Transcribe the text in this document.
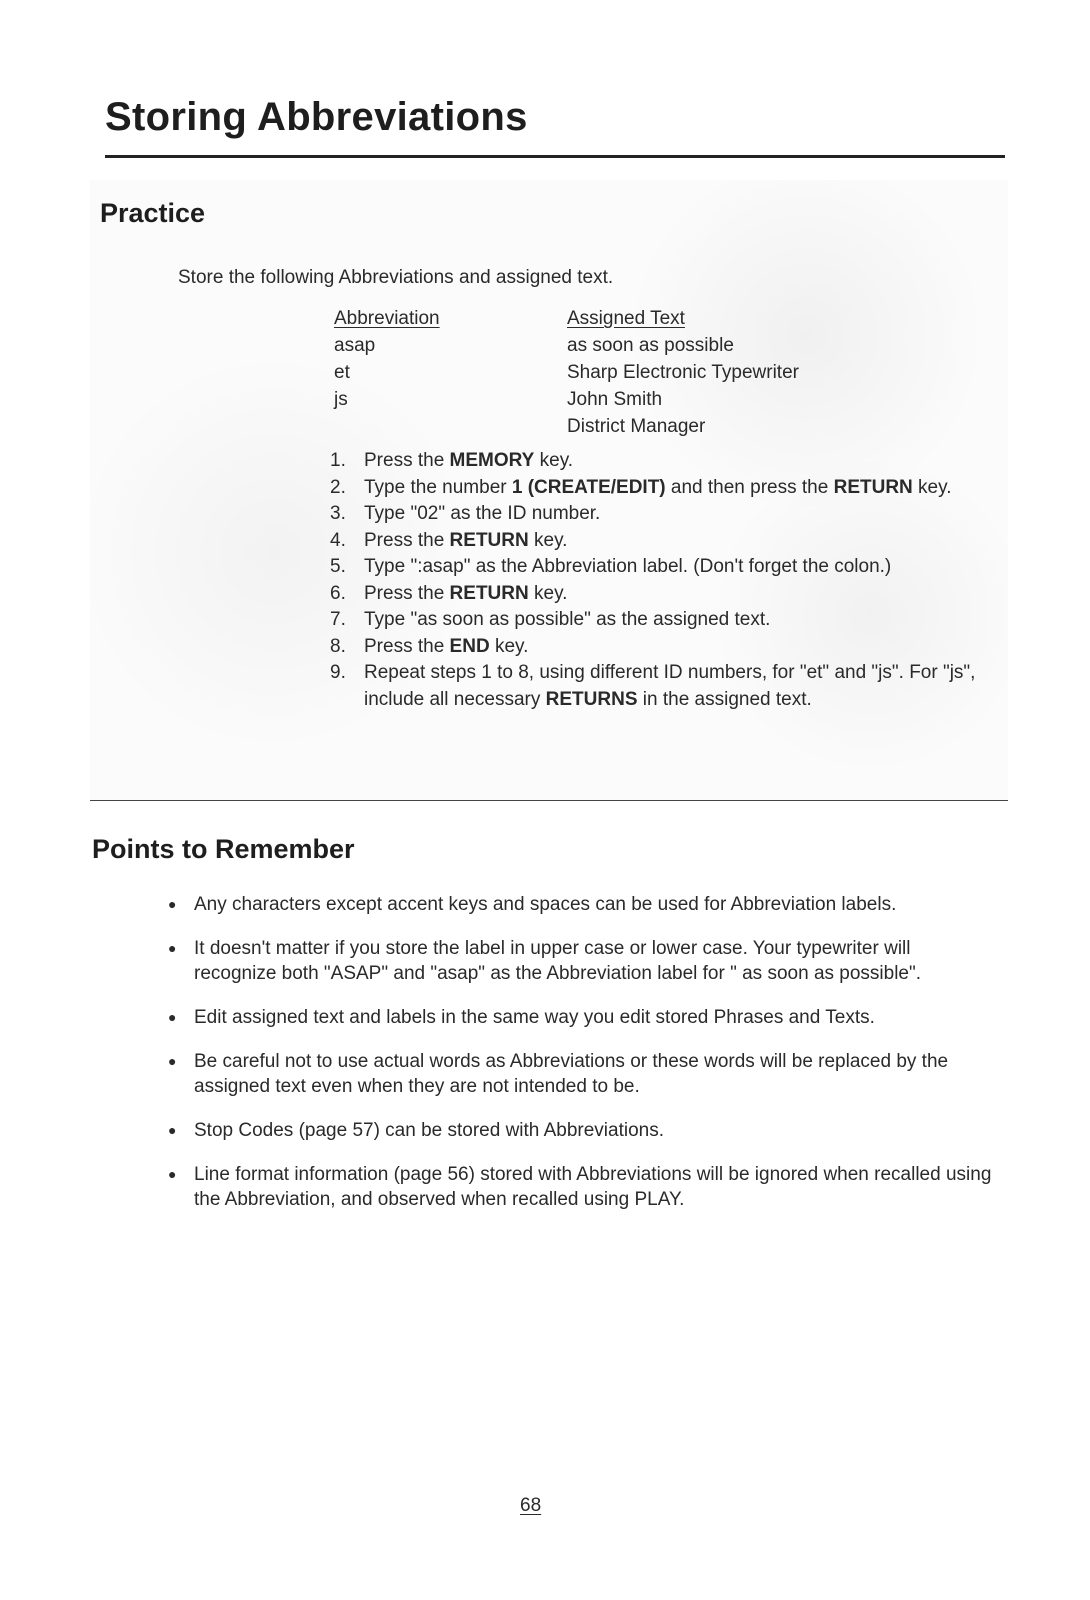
Storing Abbreviations
Practice
Store the following Abbreviations and assigned text.
Abbreviation
asap
et
js
Assigned Text
as soon as possible
Sharp Electronic Typewriter
John Smith
District Manager
1. Press the MEMORY key.
2. Type the number 1 (CREATE/EDIT) and then press the RETURN key.
3. Type "02" as the ID number.
4. Press the RETURN key.
5. Type ":asap" as the Abbreviation label. (Don't forget the colon.)
6. Press the RETURN key.
7. Type "as soon as possible" as the assigned text.
8. Press the END key.
9. Repeat steps 1 to 8, using different ID numbers, for "et" and "js". For "js", include all necessary RETURNS in the assigned text.
Points to Remember
● Any characters except accent keys and spaces can be used for Abbreviation labels.
● It doesn't matter if you store the label in upper case or lower case. Your typewriter will recognize both "ASAP" and "asap" as the Abbreviation label for " as soon as possible".
● Edit assigned text and labels in the same way you edit stored Phrases and Texts.
● Be careful not to use actual words as Abbreviations or these words will be replaced by the assigned text even when they are not intended to be.
● Stop Codes (page 57) can be stored with Abbreviations.
● Line format information (page 56) stored with Abbreviations will be ignored when recalled using the Abbreviation, and observed when recalled using PLAY.
68
